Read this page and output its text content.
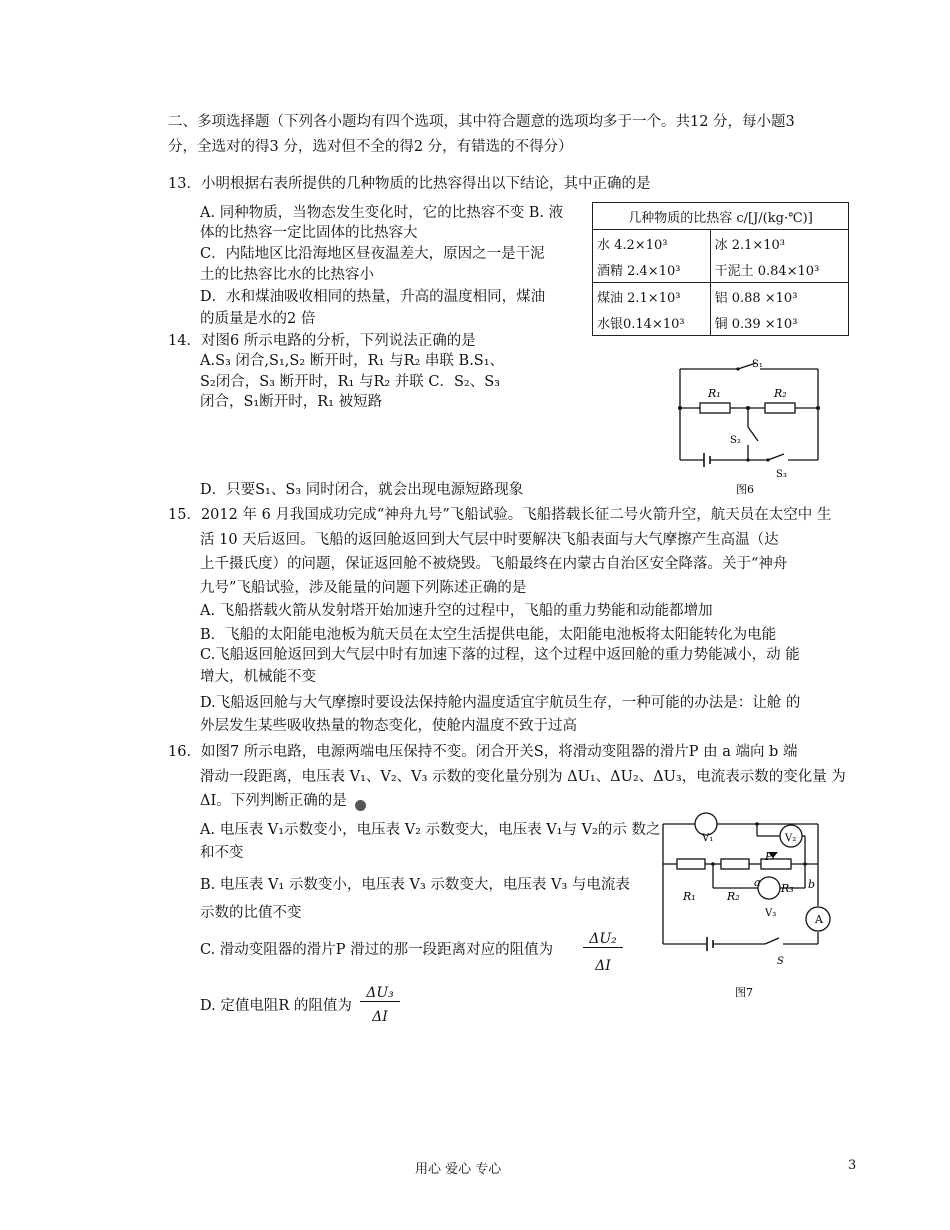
二、多项选择题（下列各小题均有四个选项，其中符合题意的选项均多于一个。共12 分，每小题3
分，全选对的得3 分，选对但不全的得2 分，有错选的不得分）
13．小明根据右表所提供的几种物质的比热容得出以下结论，其中正确的是
A. 同种物质，当物态发生变化时，它的比热容不变 B. 液
体的比热容一定比固体的比热容大
C．内陆地区比沿海地区昼夜温差大，原因之一是干泥
土的比热容比水的比热容小
D．水和煤油吸收相同的热量，升高的温度相同，煤油
的质量是水的2 倍
几种物质的比热容 c/[J/(kg·℃)]	
水 4.2×10³	冰 2.1×10³
酒精 2.4×10³	干泥土 0.84×10³
煤油 2.1×10³	铝 0.88 ×10³
水银0.14×10³	铜 0.39 ×10³
14．对图6 所示电路的分析，下列说法正确的是
A.S₃ 闭合,S₁,S₂ 断开时，R₁ 与R₂ 串联 B.S₁、
S₂闭合，S₃ 断开时，R₁ 与R₂ 并联 C．S₂、S₃
闭合，S₁断开时，R₁ 被短路
D．只要S₁、S₃ 同时闭合，就会出现电源短路现象
S₁
R₁	R₂
S₂
S₃
图6
15．2012 年 6 月我国成功完成“神舟九号”飞船试验。飞船搭载长征二号火箭升空，航天员在太空中 生
活 10 天后返回。飞船的返回舱返回到大气层中时要解决飞船表面与大气摩擦产生高温（达
上千摄氏度）的问题，保证返回舱不被烧毁。飞船最终在内蒙古自治区安全降落。关于“神舟
九号”飞船试验，涉及能量的问题下列陈述正确的是
A. 飞船搭载火箭从发射塔开始加速升空的过程中，飞船的重力势能和动能都增加
B．飞船的太阳能电池板为航天员在太空生活提供电能，太阳能电池板将太阳能转化为电能
C.飞船返回舱返回到大气层中时有加速下落的过程，这个过程中返回舱的重力势能减小，动 能
增大，机械能不变
D.飞船返回舱与大气摩擦时要设法保持舱内温度适宜宇航员生存，一种可能的办法是：让舱 的
外层发生某些吸收热量的物态变化，使舱内温度不致于过高
16．如图7 所示电路，电源两端电压保持不变。闭合开关S，将滑动变阻器的滑片P 由 a 端向 b 端
滑动一段距离，电压表 V₁、V₂、V₃ 示数的变化量分别为 ΔU₁、ΔU₂、ΔU₃，电流表示数的变化量 为
ΔI。下列判断正确的是
A. 电压表 V₁示数变小，电压表 V₂ 示数变大，电压表 V₁与 V₂的示 数之
和不变
B. 电压表 V₁ 示数变小，电压表 V₃ 示数变大，电压表 V₃ 与电流表
示数的比值不变
C. 滑动变阻器的滑片P 滑过的那一段距离对应的阻值为
ΔU₂
ΔI
D. 定值电阻R 的阻值为
ΔU₃
ΔI
V₁	V₂
V₃
R₁	R₂
R₃
P
a	b
A
S
图7
用心 爱心 专心	3
